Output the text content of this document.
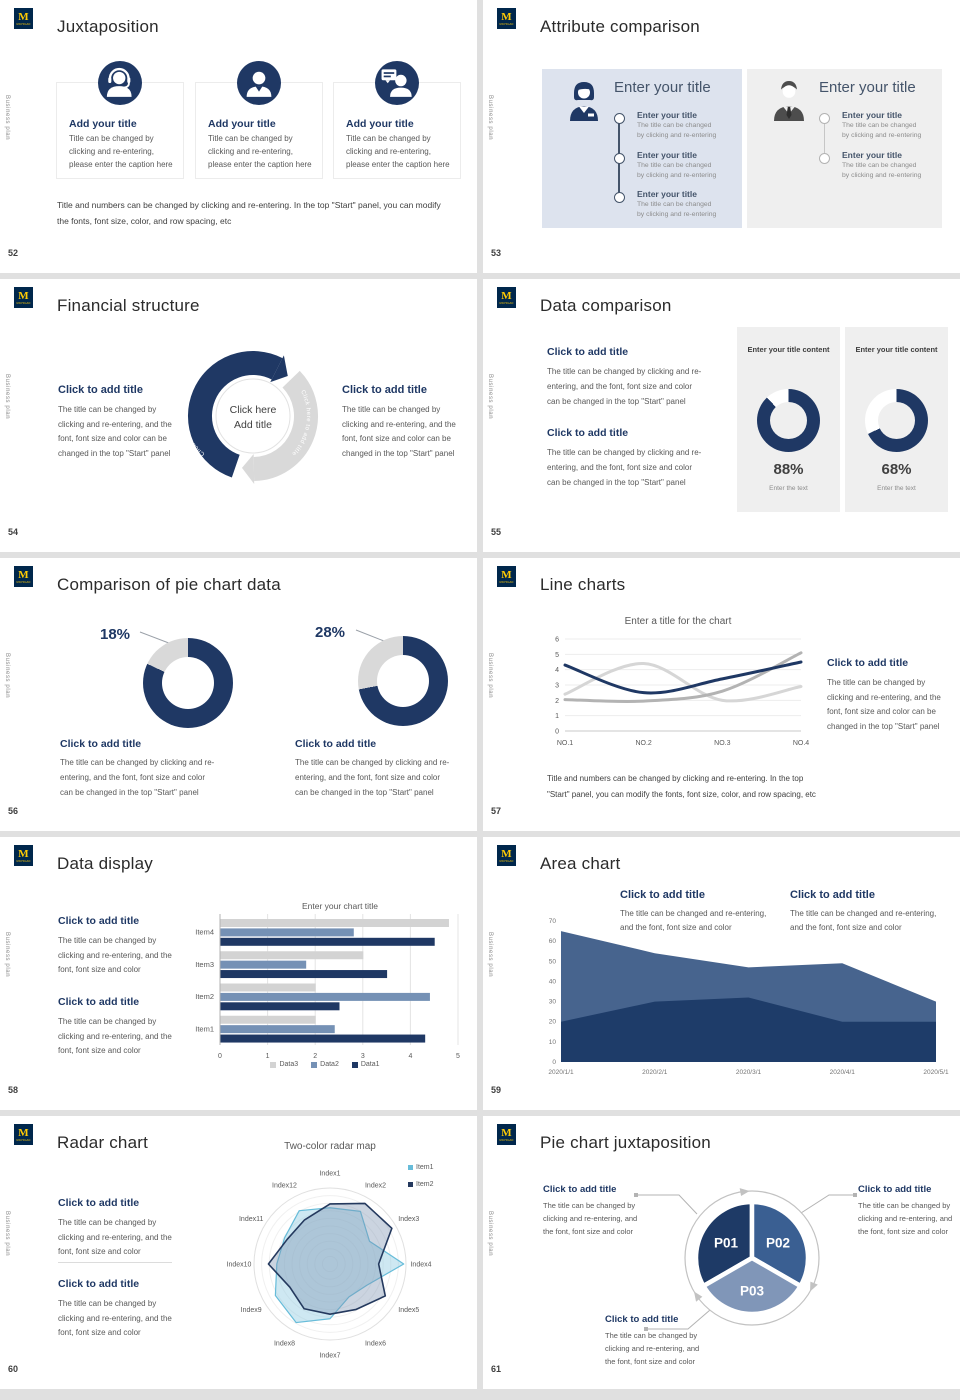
M
MICHIGAN
Business plan
Juxtaposition
52
Add your title
Title can be changed by
clicking and re-entering,
please enter the caption here
Add your title
Title can be changed by
clicking and re-entering,
please enter the caption here
Add your title
Title can be changed by
clicking and re-entering,
please enter the caption here
Title and numbers can be changed by clicking and re-entering. In the top "Start" panel, you can modify
the fonts, font size, color, and row spacing, etc
M
MICHIGAN
Business plan
Attribute comparison
53
Enter your title
Enter your title
The title can be changed
by clicking and re-entering
Enter your title
The title can be changed
by clicking and re-entering
Enter your title
The title can be changed
by clicking and re-entering
Enter your title
Enter your title
The title can be changed
by clicking and re-entering
Enter your title
The title can be changed
by clicking and re-entering
M
MICHIGAN
Business plan
Financial structure
54
Click to add title
The title can be changed by
clicking and re-entering, and the
font, font size and color can be
changed in the top "Start" panel
Click to add title
The title can be changed by
clicking and re-entering, and the
font, font size and color can be
changed in the top "Start" panel
Click here to add title	Click here to add title
Click here
Add title
M
MICHIGAN
Business plan
Data comparison
55
Click to add title
The title can be changed by clicking and re-
entering, and the font, font size and color
can be changed in the top "Start" panel
Click to add title
The title can be changed by clicking and re-
entering, and the font, font size and color
can be changed in the top "Start" panel
Enter your title content
88%
Enter the text
Enter your title content
68%
Enter the text
M
MICHIGAN
Business plan
Comparison of pie chart data
56
18%	28%
Click to add title
The title can be changed by clicking and re-
entering, and the font, font size and color
can be changed in the top "Start" panel
Click to add title
The title can be changed by clicking and re-
entering, and the font, font size and color
can be changed in the top "Start" panel
M
MICHIGAN
Business plan
Line charts
57
Enter a title for the chart
0
1
2
3
4
5
6
NO.1	NO.2	NO.3	NO.4
Click to add title
The title can be changed by
clicking and re-entering, and the
font, font size and color can be
changed in the top "Start" panel
Title and numbers can be changed by clicking and re-entering. In the top
"Start" panel, you can modify the fonts, font size, color, and row spacing, etc
M
MICHIGAN
Business plan
Data display
58
Click to add title
The title can be changed by
clicking and re-entering, and the
font, font size and color
Click to add title
The title can be changed by
clicking and re-entering, and the
font, font size and color
Enter your chart title
0	1	2	3	4	5
Item4
Item3
Item2
Item1
Data3	Data2	Data1
M
MICHIGAN
Business plan
Area chart
59
Click to add title
The title can be changed and re-entering,
and the font, font size and color
Click to add title
The title can be changed and re-entering,
and the font, font size and color
0
10
20
30
40
50
60
70
2020/1/1	2020/2/1	2020/3/1	2020/4/1	2020/5/1
M
MICHIGAN
Business plan
Radar chart
60
Click to add title
The title can be changed by
clicking and re-entering, and the
font, font size and color
Click to add title
The title can be changed by
clicking and re-entering, and the
font, font size and color
Two-color radar map
Index1
Index2
Index3
Index4
Index5
Index6
Index7
Index8
Index9
Index10
Index11
Index12
Item1
Item2
M
MICHIGAN
Business plan
Pie chart juxtaposition
61
Click to add title
The title can be changed by
clicking and re-entering, and
the font, font size and color
Click to add title
The title can be changed by
clicking and re-entering, and
the font, font size and color
Click to add title
The title can be changed by
clicking and re-entering, and
the font, font size and color
P01 P02
P03
